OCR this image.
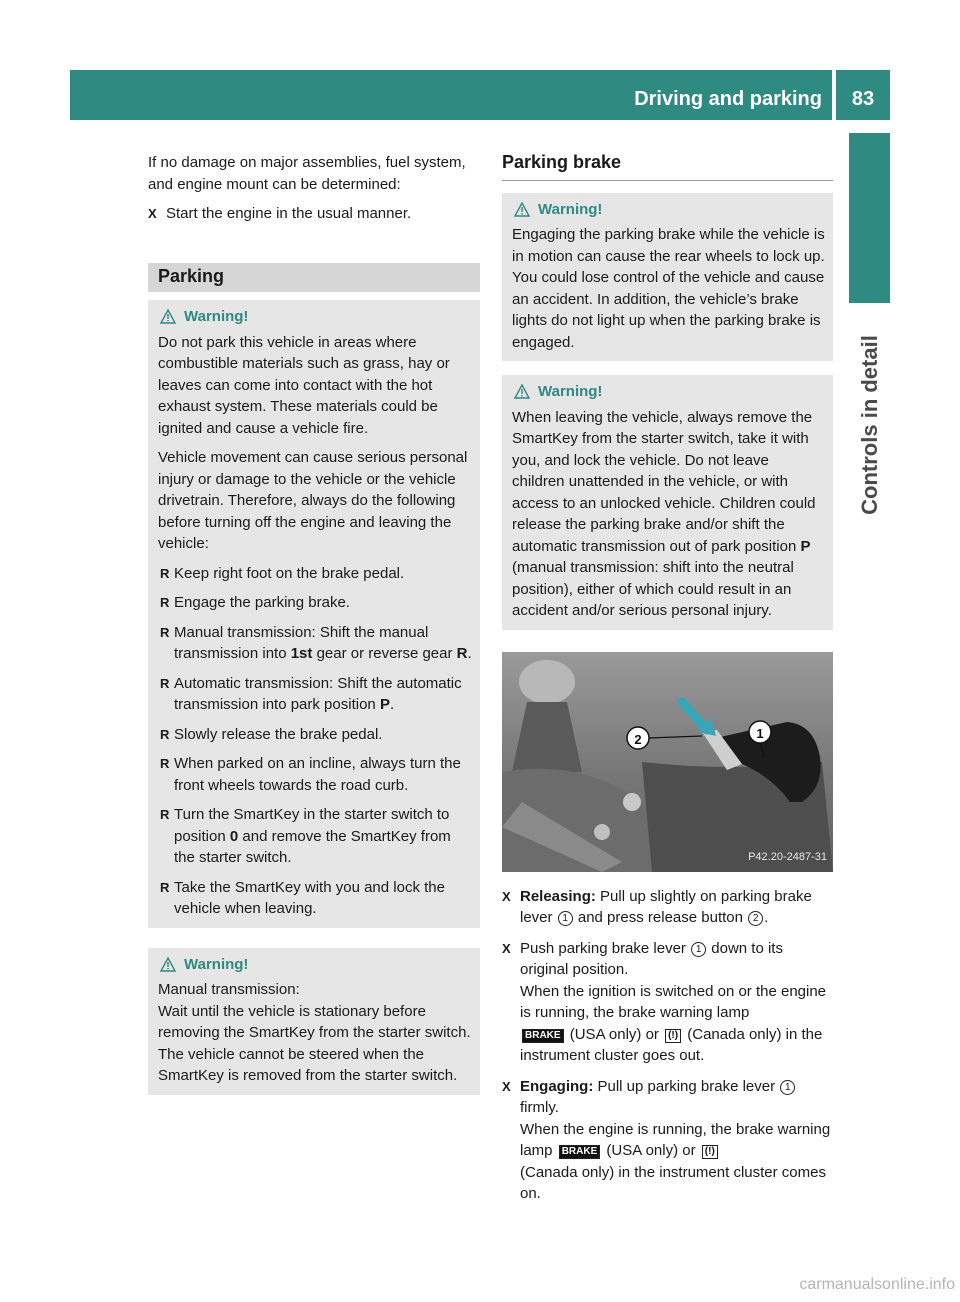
Driving and parking	83
Controls in detail

If no damage on major assemblies, fuel system, and engine mount can be determined:

X Start the engine in the usual manner.
Parking
Warning!

Do not park this vehicle in areas where combustible materials such as grass, hay or leaves can come into contact with the hot exhaust system. These materials could be ignited and cause a vehicle fire.

Vehicle movement can cause serious personal injury or damage to the vehicle or the vehicle drivetrain. Therefore, always do the following before turning off the engine and leaving the vehicle:

R Keep right foot on the brake pedal.
R Engage the parking brake.
R Manual transmission: Shift the manual transmission into 1st gear or reverse gear R.
R Automatic transmission: Shift the automatic transmission into park position P.
R Slowly release the brake pedal.
R When parked on an incline, always turn the front wheels towards the road curb.
R Turn the SmartKey in the starter switch to position 0 and remove the SmartKey from the starter switch.
R Take the SmartKey with you and lock the vehicle when leaving.
Warning!
Manual transmission:
Wait until the vehicle is stationary before removing the SmartKey from the starter switch. The vehicle cannot be steered when the SmartKey is removed from the starter switch.
Parking brake
Warning!
Engaging the parking brake while the vehicle is in motion can cause the rear wheels to lock up. You could lose control of the vehicle and cause an accident. In addition, the vehicle’s brake lights do not light up when the parking brake is engaged.
Warning!
When leaving the vehicle, always remove the SmartKey from the starter switch, take it with you, and lock the vehicle. Do not leave children unattended in the vehicle, or with access to an unlocked vehicle. Children could release the parking brake and/or shift the automatic transmission out of park position P (manual transmission: shift into the neutral position), either of which could result in an accident and/or serious personal injury.
1
2
P42.20-2487-31
X Releasing: Pull up slightly on parking brake lever 1 and press release button 2 .
X Push parking brake lever 1 down to its original position.
When the ignition is switched on or the engine is running, the brake warning lamp
BRAKE (USA only) or (!) (Canada only) in the instrument cluster goes out.
X Engaging: Pull up parking brake lever 1
firmly.
When the engine is running, the brake warning lamp BRAKE (USA only) or (!)
(Canada only) in the instrument cluster comes on.
carmanualsonline.info
